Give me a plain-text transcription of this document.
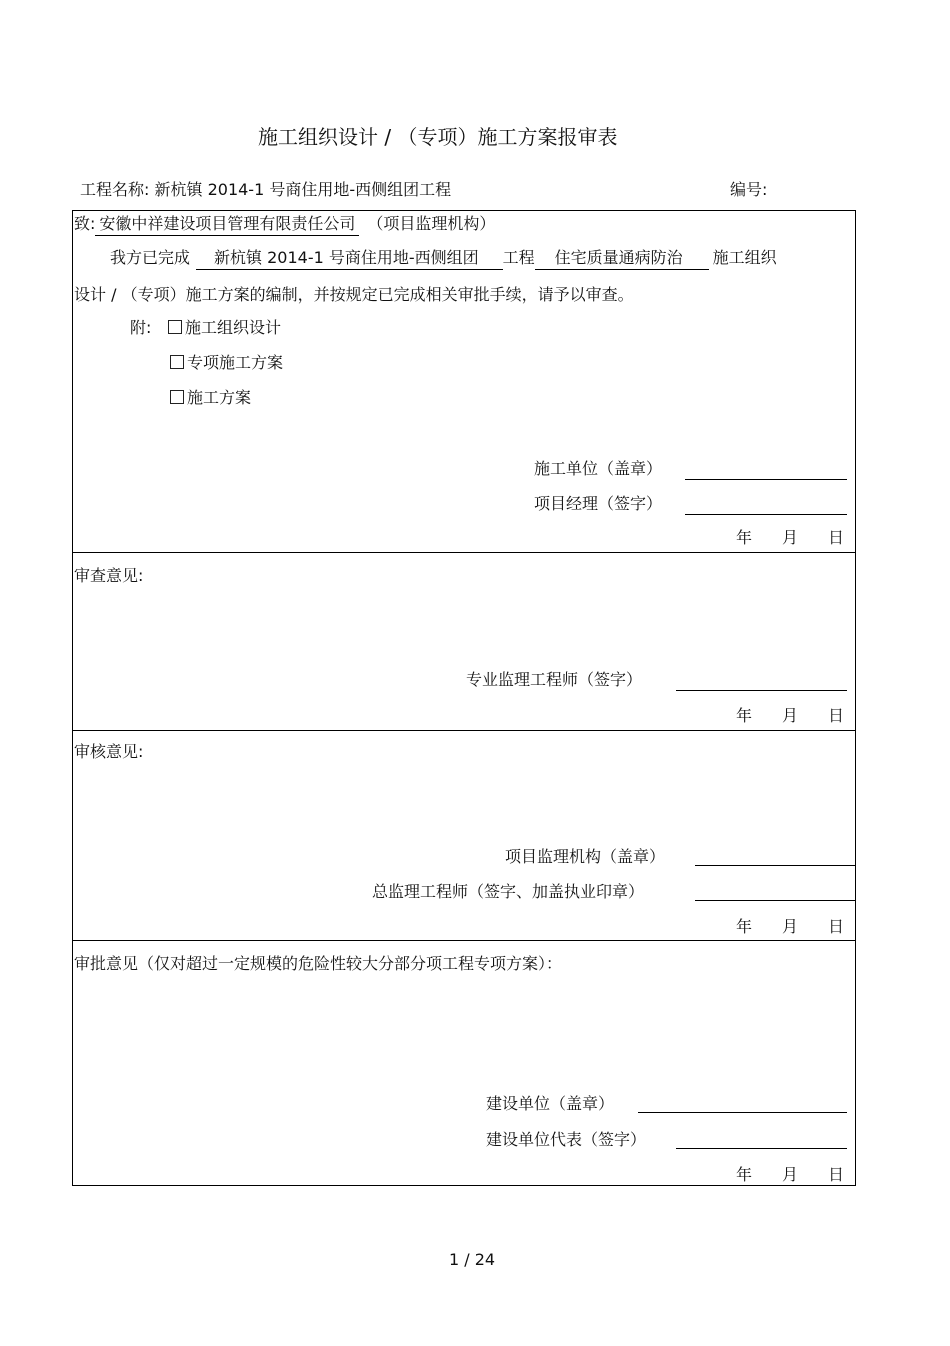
施工组织设计 / （专项）施工方案报审表
工程名称: 新杭镇 2014-1 号商住用地-西侧组团工程	编号:
致: 安徽中祥建设项目管理有限责任公司 （项目监理机构）
我方已完成 新杭镇 2014-1 号商住用地-西侧组团 工程 住宅质量通病防治 施工组织
设计 / （专项）施工方案的编制，并按规定已完成相关审批手续，请予以审查。
附:	施工组织设计
专项施工方案
施工方案
施工单位（盖章）
项目经理（签字）
年 月 日
审查意见:
专业监理工程师（签字）
年 月 日
审核意见:
项目监理机构（盖章）
总监理工程师（签字、加盖执业印章）
年 月 日
审批意见（仅对超过一定规模的危险性较大分部分项工程专项方案）：
建设单位（盖章）
建设单位代表（签字）
年 月 日
1 / 24
